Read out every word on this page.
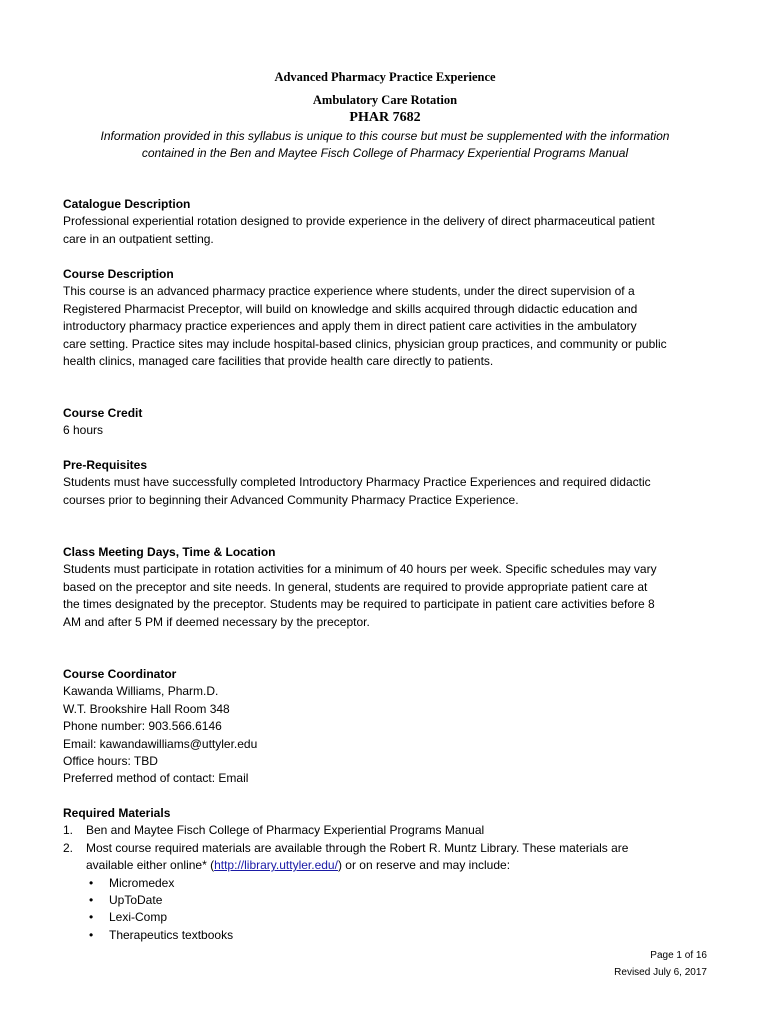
Advanced Pharmacy Practice Experience
Ambulatory Care Rotation
PHAR 7682
Information provided in this syllabus is unique to this course but must be supplemented with the information
contained in the Ben and Maytee Fisch College of Pharmacy Experiential Programs Manual
Catalogue Description

Professional experiential rotation designed to provide experience in the delivery of direct pharmaceutical patient
care in an outpatient setting.

Course Description

This course is an advanced pharmacy practice experience where students, under the direct supervision of a
Registered Pharmacist Preceptor, will build on knowledge and skills acquired through didactic education and
introductory pharmacy practice experiences and apply them in direct patient care activities in the ambulatory
care setting. Practice sites may include hospital-based clinics, physician group practices, and community or public
health clinics, managed care facilities that provide health care directly to patients.

Course Credit

6 hours

Pre-Requisites

Students must have successfully completed Introductory Pharmacy Practice Experiences and required didactic
courses prior to beginning their Advanced Community Pharmacy Practice Experience.

Class Meeting Days, Time & Location

Students must participate in rotation activities for a minimum of 40 hours per week. Specific schedules may vary
based on the preceptor and site needs. In general, students are required to provide appropriate patient care at
the times designated by the preceptor. Students may be required to participate in patient care activities before 8
AM and after 5 PM if deemed necessary by the preceptor.

Course Coordinator

Kawanda Williams, Pharm.D.
W.T. Brookshire Hall Room 348
Phone number: 903.566.6146
Email: kawandawilliams@uttyler.edu
Office hours: TBD
Preferred method of contact: Email

Required Materials
1. Ben and Maytee Fisch College of Pharmacy Experiential Programs Manual
2. Most course required materials are available through the Robert R. Muntz Library. These materials are
available either online* (http://library.uttyler.edu/) or on reserve and may include:
• Micromedex
• UpToDate
• Lexi-Comp
• Therapeutics textbooks
Page 1 of 16
Revised July 6, 2017
